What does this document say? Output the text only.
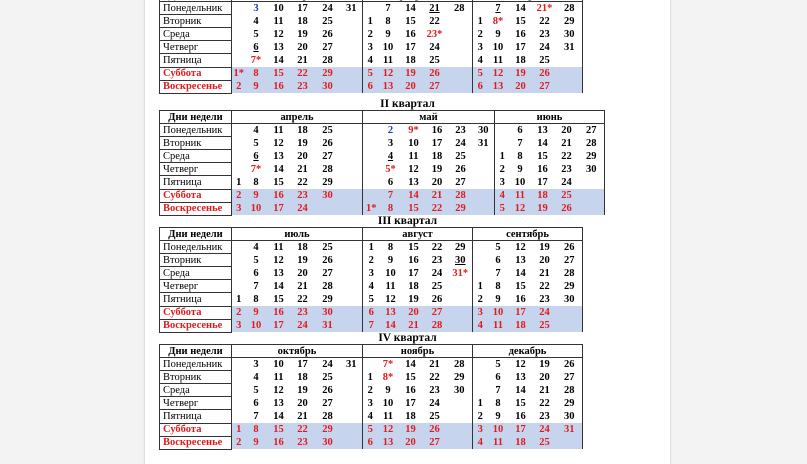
Понедельник		3	10	17	24	31		7	14	21	28		7	14	21*	28
Вторник		4	11	18	25		1	8	15	22		1	8*	15	22	29
Среда		5	12	19	26		2	9	16	23*		2	9	16	23	30
Четверг		6	13	20	27		3	10	17	24		3	10	17	24	31
Пятница		7*	14	21	28		4	11	18	25		4	11	18	25	
Суббота	1*	8	15	22	29		5	12	19	26		5	12	19	26	
Воскресенье	2	9	16	23	30		6	13	20	27		6	13	20	27	
II квартал
Дни недели	апрель						май						июнь				
Понедельник		4	11	18	25			2	9*	16	23	30		6	13	20	27
Вторник		5	12	19	26			3	10	17	24	31		7	14	21	28
Среда		6	13	20	27			4	11	18	25		1	8	15	22	29
Четверг		7*	14	21	28			5*	12	19	26		2	9	16	23	30
Пятница	1	8	15	22	29			6	13	20	27		3	10	17	24	
Суббота	2	9	16	23	30			7	14	21	28		4	11	18	25	
Воскресенье	3	10	17	24			1*	8	15	22	29		5	12	19	26	
III квартал
Дни недели	июль						август					сентябрь				
Понедельник		4	11	18	25		1	8	15	22	29		5	12	19	26
Вторник		5	12	19	26		2	9	16	23	30		6	13	20	27
Среда		6	13	20	27		3	10	17	24	31*		7	14	21	28
Четверг		7	14	21	28		4	11	18	25		1	8	15	22	29
Пятница	1	8	15	22	29		5	12	19	26		2	9	16	23	30
Суббота	2	9	16	23	30		6	13	20	27		3	10	17	24	
Воскресенье	3	10	17	24	31		7	14	21	28		4	11	18	25	
IV квартал
Дни недели	октябрь						ноябрь					декабрь				
Понедельник		3	10	17	24	31		7*	14	21	28		5	12	19	26
Вторник		4	11	18	25		1	8*	15	22	29		6	13	20	27
Среда		5	12	19	26		2	9	16	23	30		7	14	21	28
Четверг		6	13	20	27		3	10	17	24		1	8	15	22	29
Пятница		7	14	21	28		4	11	18	25		2	9	16	23	30
Суббота	1	8	15	22	29		5	12	19	26		3	10	17	24	31
Воскресенье	2	9	16	23	30		6	13	20	27		4	11	18	25	
